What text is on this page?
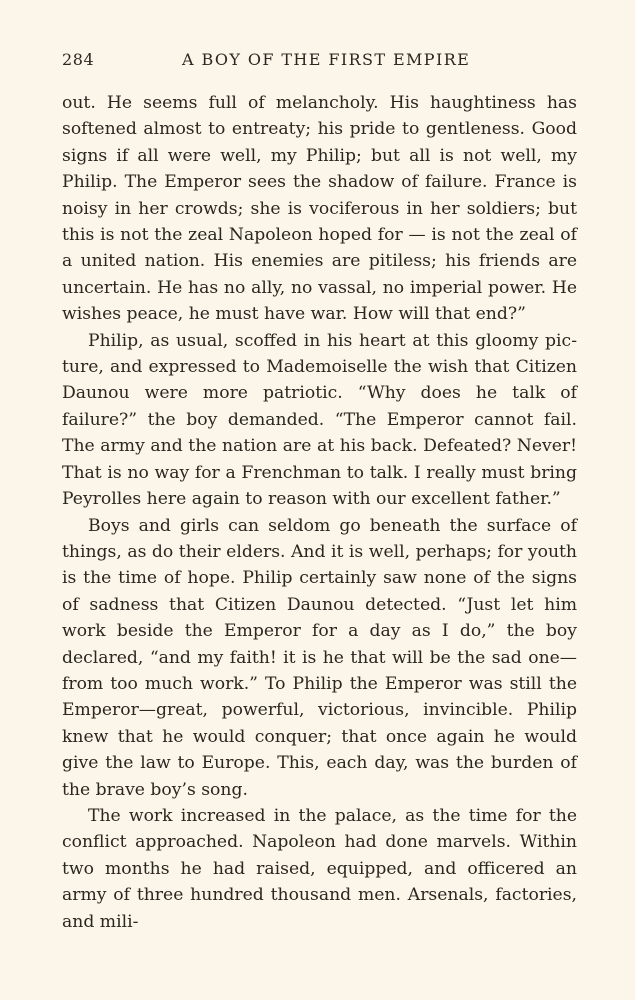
284	A BOY OF THE FIRST EMPIRE

out. He seems full of melancholy. His haughtiness has softened almost to entreaty; his pride to gentleness. Good signs if all were well, my Philip; but all is not well, my Philip. The Emperor sees the shadow of failure. France is noisy in her crowds; she is vociferous in her soldiers; but this is not the zeal Napoleon hoped for — is not the zeal of a united nation. His enemies are pitiless; his friends are uncertain. He has no ally, no vassal, no imperial power. He wishes peace, he must have war. How will that end?”

Philip, as usual, scoffed in his heart at this gloomy picture, and expressed to Mademoiselle the wish that Citizen Daunou were more patriotic. “Why does he talk of failure?” the boy demanded. “The Emperor cannot fail. The army and the nation are at his back. Defeated? Never! That is no way for a Frenchman to talk. I really must bring Peyrolles here again to reason with our excellent father.”

Boys and girls can seldom go beneath the surface of things, as do their elders. And it is well, perhaps; for youth is the time of hope. Philip certainly saw none of the signs of sadness that Citizen Daunou detected. “Just let him work beside the Emperor for a day as I do,” the boy declared, “and my faith! it is he that will be the sad one—from too much work.” To Philip the Emperor was still the Emperor—great, powerful, victorious, invincible. Philip knew that he would conquer; that once again he would give the law to Europe. This, each day, was the burden of the brave boy’s song.

The work increased in the palace, as the time for the conflict approached. Napoleon had done marvels. Within two months he had raised, equipped, and officered an army of three hundred thousand men. Arsenals, factories, and mili-
